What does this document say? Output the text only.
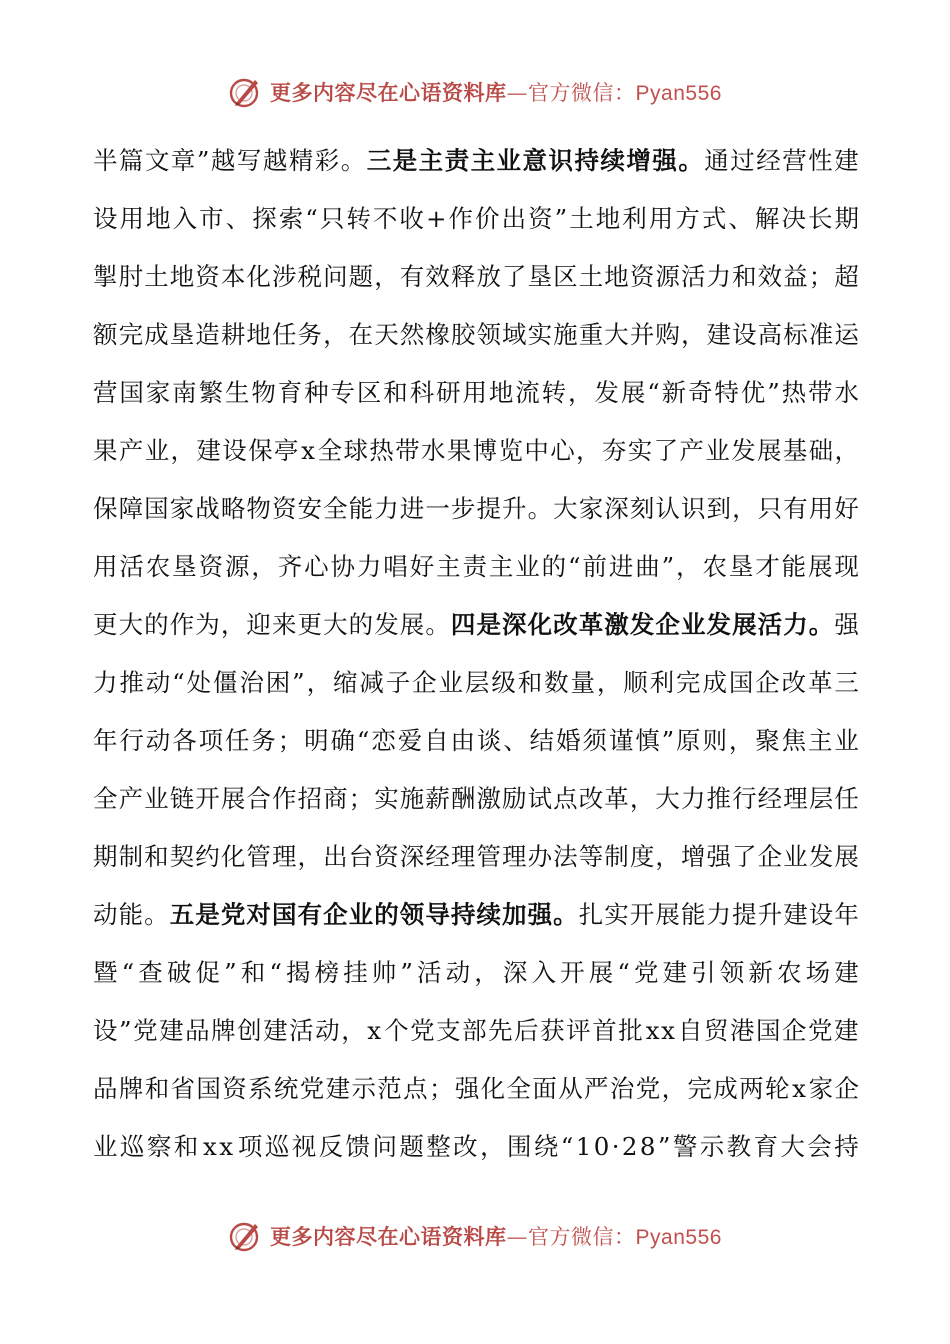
更多内容尽在心语资料库—官方微信：Pyan556
半 篇 文 章 ” 越 写 越 精 彩 。 三 是 主 责 主 业 意 识 持 续 增 强 。 通 过 经 营 性 建
设 用 地 入 市 、 探 索 “ 只 转 不 收 + 作 价 出 资 ” 土 地 利 用 方 式 、 解 决 长 期
掣 肘 土 地 资 本 化 涉 税 问 题 ， 有 效 释 放 了 垦 区 土 地 资 源 活 力 和 效 益 ； 超
额 完 成 垦 造 耕 地 任 务 ， 在 天 然 橡 胶 领 域 实 施 重 大 并 购 ， 建 设 高 标 准 运
营 国 家 南 繁 生 物 育 种 专 区 和 科 研 用 地 流 转 ， 发 展 “ 新 奇 特 优 ” 热 带 水
果 产 业 ， 建 设 保 亭 x 全 球 热 带 水 果 博 览 中 心 ， 夯 实 了 产 业 发 展 基 础 ，
保 障 国 家 战 略 物 资 安 全 能 力 进 一 步 提 升 。 大 家 深 刻 认 识 到 ， 只 有 用 好
用 活 农 垦 资 源 ， 齐 心 协 力 唱 好 主 责 主 业 的 “ 前 进 曲 ” ， 农 垦 才 能 展 现
更 大 的 作 为 ， 迎 来 更 大 的 发 展 。 四 是 深 化 改 革 激 发 企 业 发 展 活 力 。 强
力 推 动 “ 处 僵 治 困 ” ， 缩 减 子 企 业 层 级 和 数 量 ， 顺 利 完 成 国 企 改 革 三
年 行 动 各 项 任 务 ； 明 确 “ 恋 爱 自 由 谈 、 结 婚 须 谨 慎 ” 原 则 ， 聚 焦 主 业
全 产 业 链 开 展 合 作 招 商 ； 实 施 薪 酬 激 励 试 点 改 革 ， 大 力 推 行 经 理 层 任
期 制 和 契 约 化 管 理 ， 出 台 资 深 经 理 管 理 办 法 等 制 度 ， 增 强 了 企 业 发 展
动 能 。 五 是 党 对 国 有 企 业 的 领 导 持 续 加 强 。 扎 实 开 展 能 力 提 升 建 设 年
暨 “ 查 破 促 ” 和 “ 揭 榜 挂 帅 ” 活 动 ， 深 入 开 展 “ 党 建 引 领 新 农 场 建
设 ” 党 建 品 牌 创 建 活 动 ， x 个 党 支 部 先 后 获 评 首 批 x x 自 贸 港 国 企 党 建
品 牌 和 省 国 资 系 统 党 建 示 范 点 ； 强 化 全 面 从 严 治 党 ， 完 成 两 轮 x 家 企
业 巡 察 和 x x 项 巡 视 反 馈 问 题 整 改 ， 围 绕 “ 1 0 · 2 8 ” 警 示 教 育 大 会 持
更多内容尽在心语资料库—官方微信：Pyan556
